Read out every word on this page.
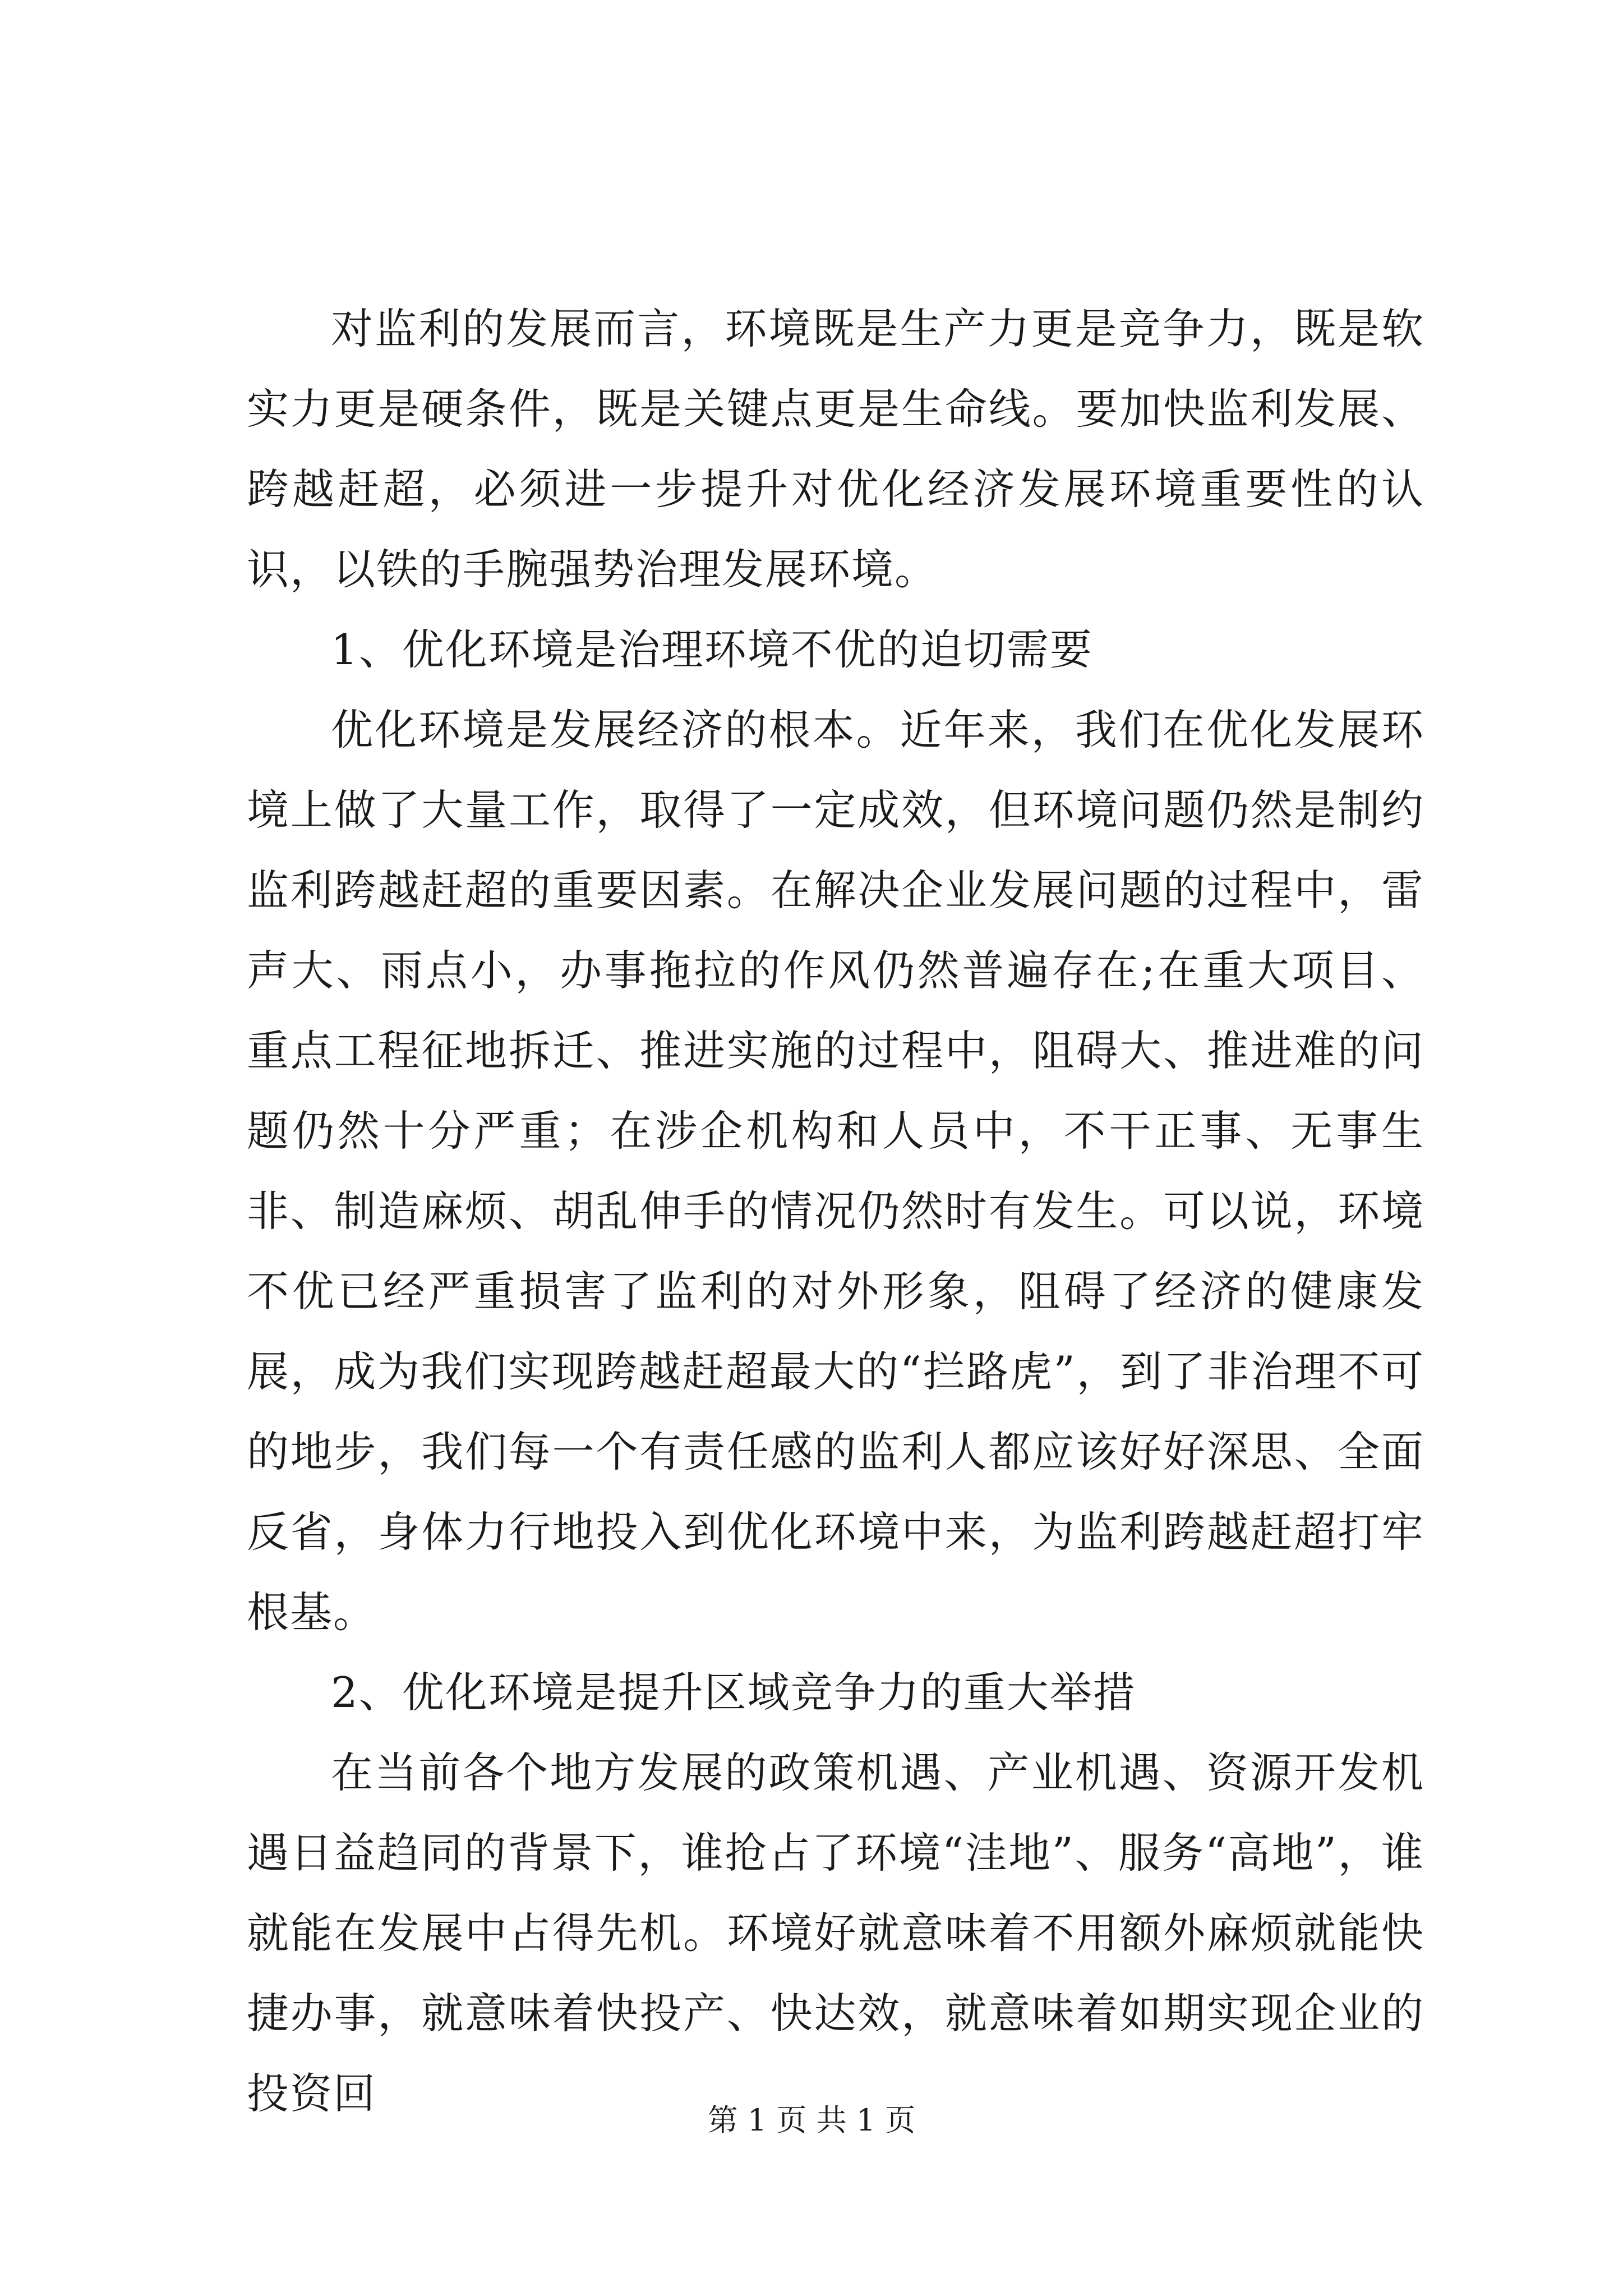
对监利的发展而言，环境既是生产力更是竞争力，既是软实力更是硬条件，既是关键点更是生命线。要加快监利发展、跨越赶超，必须进一步提升对优化经济发展环境重要性的认识，以铁的手腕强势治理发展环境。

1、优化环境是治理环境不优的迫切需要

优化环境是发展经济的根本。近年来，我们在优化发展环境上做了大量工作，取得了一定成效，但环境问题仍然是制约监利跨越赶超的重要因素。在解决企业发展问题的过程中，雷声大、雨点小，办事拖拉的作风仍然普遍存在;在重大项目、重点工程征地拆迁、推进实施的过程中，阻碍大、推进难的问题仍然十分严重；在涉企机构和人员中，不干正事、无事生非、制造麻烦、胡乱伸手的情况仍然时有发生。可以说，环境不优已经严重损害了监利的对外形象，阻碍了经济的健康发展，成为我们实现跨越赶超最大的“拦路虎”，到了非治理不可的地步，我们每一个有责任感的监利人都应该好好深思、全面反省，身体力行地投入到优化环境中来，为监利跨越赶超打牢根基。

2、优化环境是提升区域竞争力的重大举措

在当前各个地方发展的政策机遇、产业机遇、资源开发机遇日益趋同的背景下，谁抢占了环境“洼地”、服务“高地”，谁就能在发展中占得先机。环境好就意味着不用额外麻烦就能快捷办事，就意味着快投产、快达效，就意味着如期实现企业的投资回

第 1 页 共 1 页
